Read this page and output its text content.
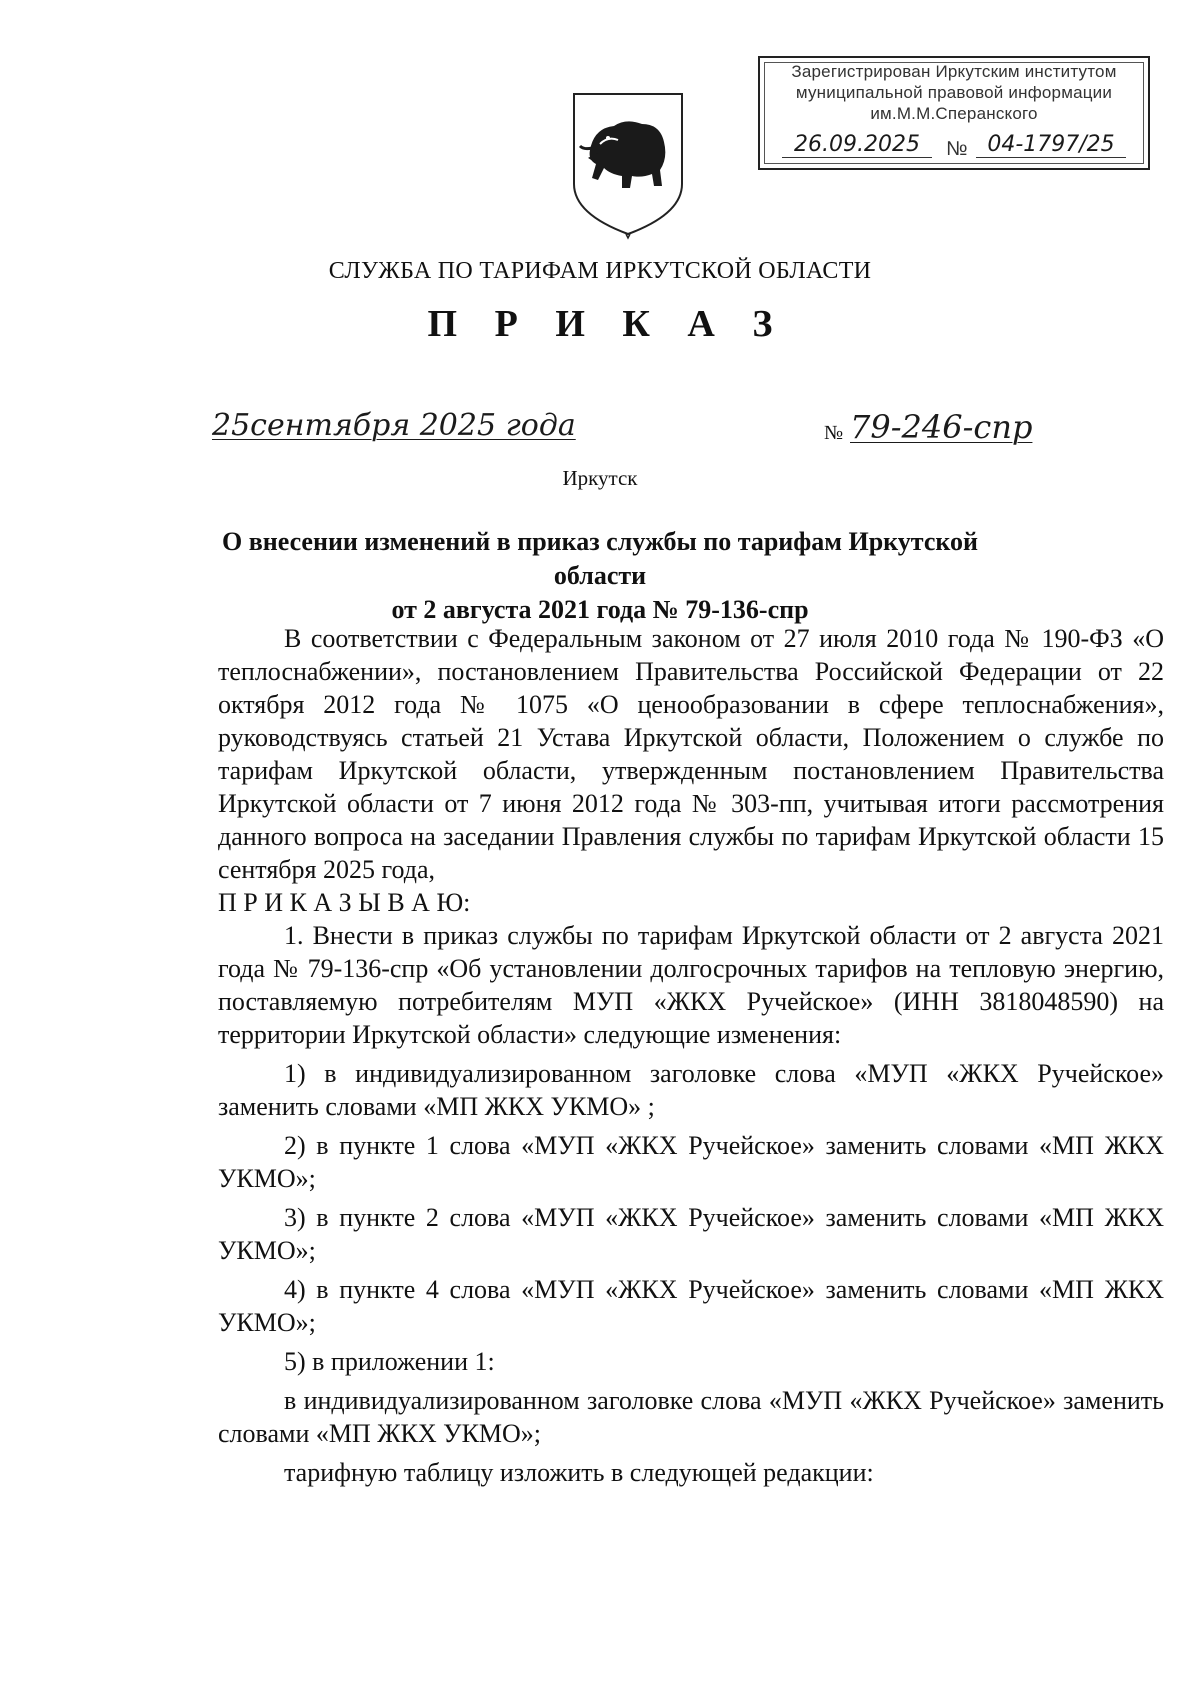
Зарегистрирован Иркутским институтом
муниципальной правовой информации
им.М.М.Сперанского
26.09.2025	№ 04-1797/25
СЛУЖБА ПО ТАРИФАМ ИРКУТСКОЙ ОБЛАСТИ
П Р И К А З
25сентября 2025 года	№ 79-246-спр
Иркутск
О внесении изменений в приказ службы по тарифам Иркутской области
от 2 августа 2021 года № 79-136-спр

В соответствии с Федеральным законом от 27 июля 2010 года № 190-ФЗ «О теплоснабжении», постановлением Правительства Российской Федерации от 22 октября 2012 года № 1075 «О ценообразовании в сфере теплоснабжения», руководствуясь статьей 21 Устава Иркутской области, Положением о службе по тарифам Иркутской области, утвержденным постановлением Правительства Иркутской области от 7 июня 2012 года № 303-пп, учитывая итоги рассмотрения данного вопроса на заседании Правления службы по тарифам Иркутской области 15 сентября 2025 года,

П Р И К А З Ы В А Ю:

1. Внести в приказ службы по тарифам Иркутской области от 2 августа 2021 года № 79-136-спр «Об установлении долгосрочных тарифов на тепловую энергию, поставляемую потребителям МУП «ЖКХ Ручейское» (ИНН 3818048590) на территории Иркутской области» следующие изменения:

1) в индивидуализированном заголовке слова «МУП «ЖКХ Ручейское» заменить словами «МП ЖКХ УКМО» ;

2) в пункте 1 слова «МУП «ЖКХ Ручейское» заменить словами «МП ЖКХ УКМО»;

3) в пункте 2 слова «МУП «ЖКХ Ручейское» заменить словами «МП ЖКХ УКМО»;

4) в пункте 4 слова «МУП «ЖКХ Ручейское» заменить словами «МП ЖКХ УКМО»;

5) в приложении 1:

в индивидуализированном заголовке слова «МУП «ЖКХ Ручейское» заменить словами «МП ЖКХ УКМО»;

тарифную таблицу изложить в следующей редакции:
